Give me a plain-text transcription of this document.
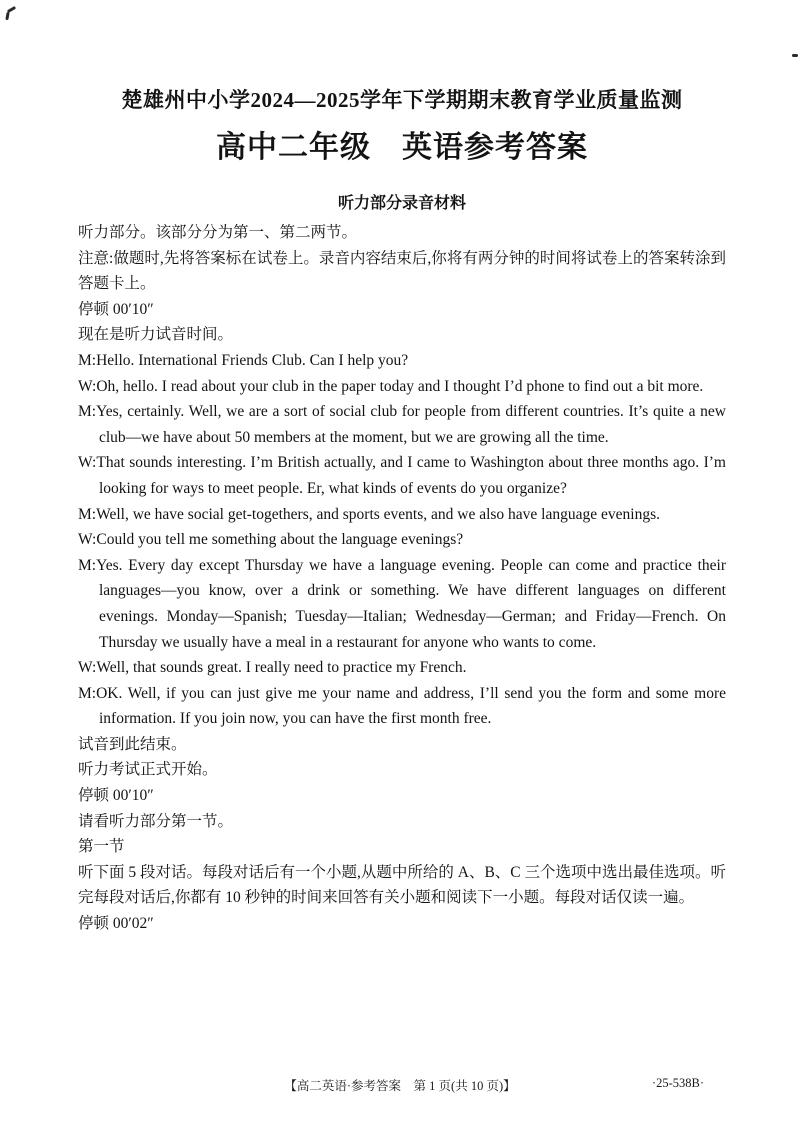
楚雄州中小学2024—2025学年下学期期末教育学业质量监测
高中二年级　英语参考答案
听力部分录音材料

听力部分。该部分分为第一、第二两节。

注意:做题时,先将答案标在试卷上。录音内容结束后,你将有两分钟的时间将试卷上的答案转涂到答题卡上。

停顿 00′10″

现在是听力试音时间。

M:Hello. International Friends Club. Can I help you?

W:Oh, hello. I read about your club in the paper today and I thought I’d phone to find out a bit more.

M:Yes, certainly. Well, we are a sort of social club for people from different countries. It’s quite a new club—we have about 50 members at the moment, but we are growing all the time.

W:That sounds interesting. I’m British actually, and I came to Washington about three months ago. I’m looking for ways to meet people. Er, what kinds of events do you organize?

M:Well, we have social get-togethers, and sports events, and we also have language evenings.

W:Could you tell me something about the language evenings?

M:Yes. Every day except Thursday we have a language evening. People can come and practice their languages—you know, over a drink or something. We have different languages on different evenings. Monday—Spanish; Tuesday—Italian; Wednesday—German; and Friday—French. On Thursday we usually have a meal in a restaurant for anyone who wants to come.

W:Well, that sounds great. I really need to practice my French.

M:OK. Well, if you can just give me your name and address, I’ll send you the form and some more information. If you join now, you can have the first month free.

试音到此结束。

听力考试正式开始。

停顿 00′10″

请看听力部分第一节。

第一节

听下面 5 段对话。每段对话后有一个小题,从题中所给的 A、B、C 三个选项中选出最佳选项。听完每段对话后,你都有 10 秒钟的时间来回答有关小题和阅读下一小题。每段对话仅读一遍。

停顿 00′02″

【高二英语·参考答案　第 1 页(共 10 页)】	·25-538B·
